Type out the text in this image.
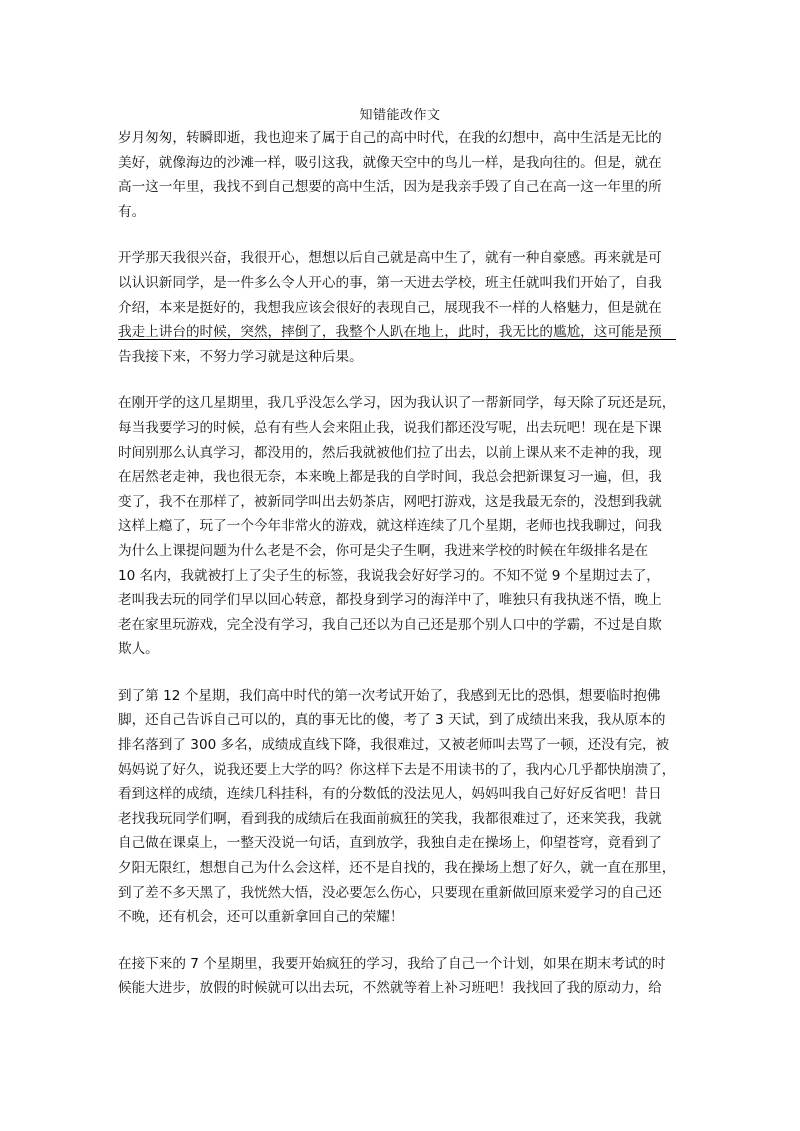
知错能改作文
岁月匆匆，转瞬即逝，我也迎来了属于自己的高中时代，在我的幻想中，高中生活是无比的
美好，就像海边的沙滩一样，吸引这我，就像天空中的鸟儿一样，是我向往的。但是，就在
高一这一年里，我找不到自己想要的高中生活，因为是我亲手毁了自己在高一这一年里的所
有。
开学那天我很兴奋，我很开心，想想以后自己就是高中生了，就有一种自豪感。再来就是可
以认识新同学，是一件多么令人开心的事，第一天进去学校，班主任就叫我们开始了，自我
介绍，本来是挺好的，我想我应该会很好的表现自己，展现我不一样的人格魅力，但是就在
我走上讲台的时候，突然，摔倒了，我整个人趴在地上，此时，我无比的尴尬，这可能是预
告我接下来，不努力学习就是这种后果。
在刚开学的这几星期里，我几乎没怎么学习，因为我认识了一帮新同学，每天除了玩还是玩，
每当我要学习的时候，总有有些人会来阻止我，说我们都还没写呢，出去玩吧！现在是下课
时间别那么认真学习，都没用的，然后我就被他们拉了出去，以前上课从来不走神的我，现
在居然老走神，我也很无奈，本来晚上都是我的自学时间，我总会把新课复习一遍，但，我
变了，我不在那样了，被新同学叫出去奶茶店，网吧打游戏，这是我最无奈的，没想到我就
这样上瘾了，玩了一个今年非常火的游戏，就这样连续了几个星期，老师也找我聊过，问我
为什么上课提问题为什么老是不会，你可是尖子生啊，我进来学校的时候在年级排名是在
10 名内，我就被打上了尖子生的标签，我说我会好好学习的。不知不觉 9 个星期过去了，
老叫我去玩的同学们早以回心转意，都投身到学习的海洋中了，唯独只有我执迷不悟，晚上
老在家里玩游戏，完全没有学习，我自己还以为自己还是那个别人口中的学霸，不过是自欺
欺人。
到了第 12 个星期，我们高中时代的第一次考试开始了，我感到无比的恐惧，想要临时抱佛
脚，还自己告诉自己可以的，真的事无比的傻，考了 3 天试，到了成绩出来我，我从原本的
排名落到了 300 多名，成绩成直线下降，我很难过，又被老师叫去骂了一顿，还没有完，被
妈妈说了好久，说我还要上大学的吗？你这样下去是不用读书的了，我内心几乎都快崩溃了，
看到这样的成绩，连续几科挂科，有的分数低的没法见人，妈妈叫我自己好好反省吧！昔日
老找我玩同学们啊，看到我的成绩后在我面前疯狂的笑我，我都很难过了，还来笑我，我就
自己做在课桌上，一整天没说一句话，直到放学，我独自走在操场上，仰望苍穹，竟看到了
夕阳无限红，想想自己为什么会这样，还不是自找的，我在操场上想了好久，就一直在那里，
到了差不多天黑了，我恍然大悟，没必要怎么伤心，只要现在重新做回原来爱学习的自己还
不晚，还有机会，还可以重新拿回自己的荣耀！
在接下来的 7 个星期里，我要开始疯狂的学习，我给了自己一个计划，如果在期末考试的时
候能大进步，放假的时候就可以出去玩，不然就等着上补习班吧！我找回了我的原动力，给
